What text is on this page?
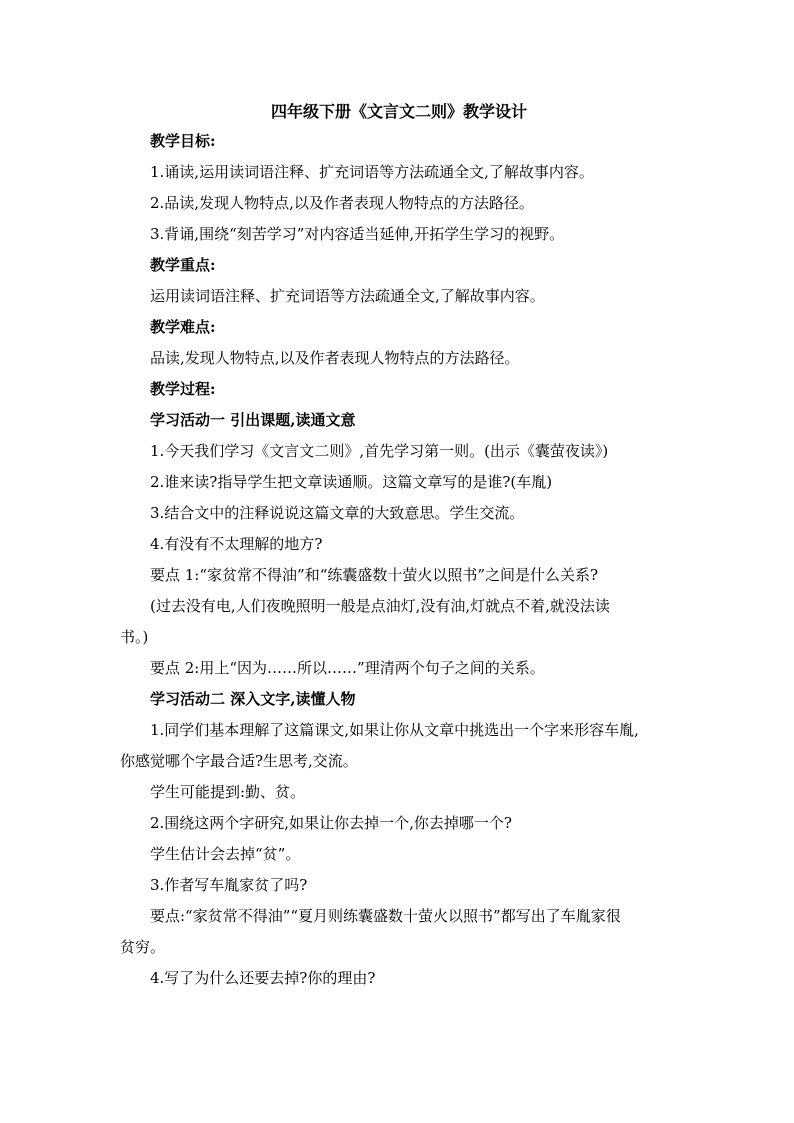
四年级下册《文言文二则》教学设计
教学目标:
1.诵读,运用读词语注释、扩充词语等方法疏通全文,了解故事内容。
2.品读,发现人物特点,以及作者表现人物特点的方法路径。
3.背诵,围绕“刻苦学习”对内容适当延伸,开拓学生学习的视野。
教学重点:
运用读词语注释、扩充词语等方法疏通全文,了解故事内容。
教学难点:
品读,发现人物特点,以及作者表现人物特点的方法路径。
教学过程:
学习活动一 引出课题,读通文意
1.今天我们学习《文言文二则》,首先学习第一则。(出示《囊萤夜读》)
2.谁来读?指导学生把文章读通顺。这篇文章写的是谁?(车胤)
3.结合文中的注释说说这篇文章的大致意思。学生交流。
4.有没有不太理解的地方?
要点 1:“家贫常不得油”和“练囊盛数十萤火以照书”之间是什么关系?
(过去没有电,人们夜晚照明一般是点油灯,没有油,灯就点不着,就没法读
书。)
要点 2:用上“因为……所以……”理清两个句子之间的关系。
学习活动二 深入文字,读懂人物
1.同学们基本理解了这篇课文,如果让你从文章中挑选出一个字来形容车胤,
你感觉哪个字最合适?生思考,交流。
学生可能提到:勤、贫。
2.围绕这两个字研究,如果让你去掉一个,你去掉哪一个?
学生估计会去掉“贫”。
3.作者写车胤家贫了吗?
要点:“家贫常不得油”“夏月则练囊盛数十萤火以照书”都写出了车胤家很
贫穷。
4.写了为什么还要去掉?你的理由?
